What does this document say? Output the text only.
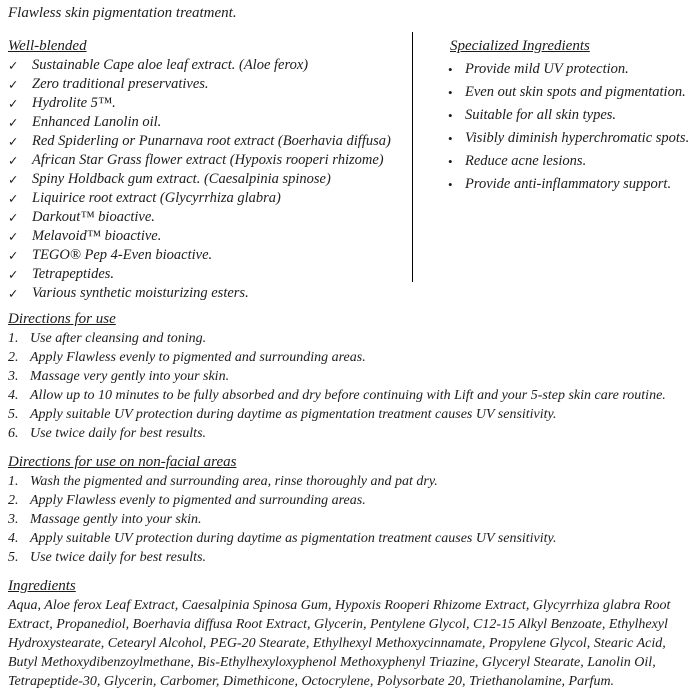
Flawless skin pigmentation treatment.
Well-blended
✓ Sustainable Cape aloe leaf extract. (Aloe ferox)
✓ Zero traditional preservatives.
✓ Hydrolite 5™.
✓ Enhanced Lanolin oil.
✓ Red Spiderling or Punarnava root extract (Boerhavia diffusa)
✓ African Star Grass flower extract (Hypoxis rooperi rhizome)
✓ Spiny Holdback gum extract. (Caesalpinia spinose)
✓ Liquirice root extract (Glycyrrhiza glabra)
✓ Darkout™ bioactive.
✓ Melavoid™ bioactive.
✓ TEGO® Pep 4-Even bioactive.
✓ Tetrapeptides.
✓ Various synthetic moisturizing esters.
Specialized Ingredients
• Provide mild UV protection.
• Even out skin spots and pigmentation.
• Suitable for all skin types.
• Visibly diminish hyperchromatic spots.
• Reduce acne lesions.
• Provide anti-inflammatory support.
Directions for use
1. Use after cleansing and toning.
2. Apply Flawless evenly to pigmented and surrounding areas.
3. Massage very gently into your skin.
4. Allow up to 10 minutes to be fully absorbed and dry before continuing with Lift and your 5-step skin care routine.
5. Apply suitable UV protection during daytime as pigmentation treatment causes UV sensitivity.
6. Use twice daily for best results.
Directions for use on non-facial areas
1. Wash the pigmented and surrounding area, rinse thoroughly and pat dry.
2. Apply Flawless evenly to pigmented and surrounding areas.
3. Massage gently into your skin.
4. Apply suitable UV protection during daytime as pigmentation treatment causes UV sensitivity.
5. Use twice daily for best results.
Ingredients
Aqua, Aloe ferox Leaf Extract, Caesalpinia Spinosa Gum, Hypoxis Rooperi Rhizome Extract, Glycyrrhiza glabra Root
Extract, Propanediol, Boerhavia diffusa Root Extract, Glycerin, Pentylene Glycol, C12-15 Alkyl Benzoate, Ethylhexyl
Hydroxystearate, Cetearyl Alcohol, PEG-20 Stearate, Ethylhexyl Methoxycinnamate, Propylene Glycol, Stearic Acid,
Butyl Methoxydibenzoylmethane, Bis-Ethylhexyloxyphenol Methoxyphenyl Triazine, Glyceryl Stearate, Lanolin Oil,
Tetrapeptide-30, Glycerin, Carbomer, Dimethicone, Octocrylene, Polysorbate 20, Triethanolamine, Parfum.
